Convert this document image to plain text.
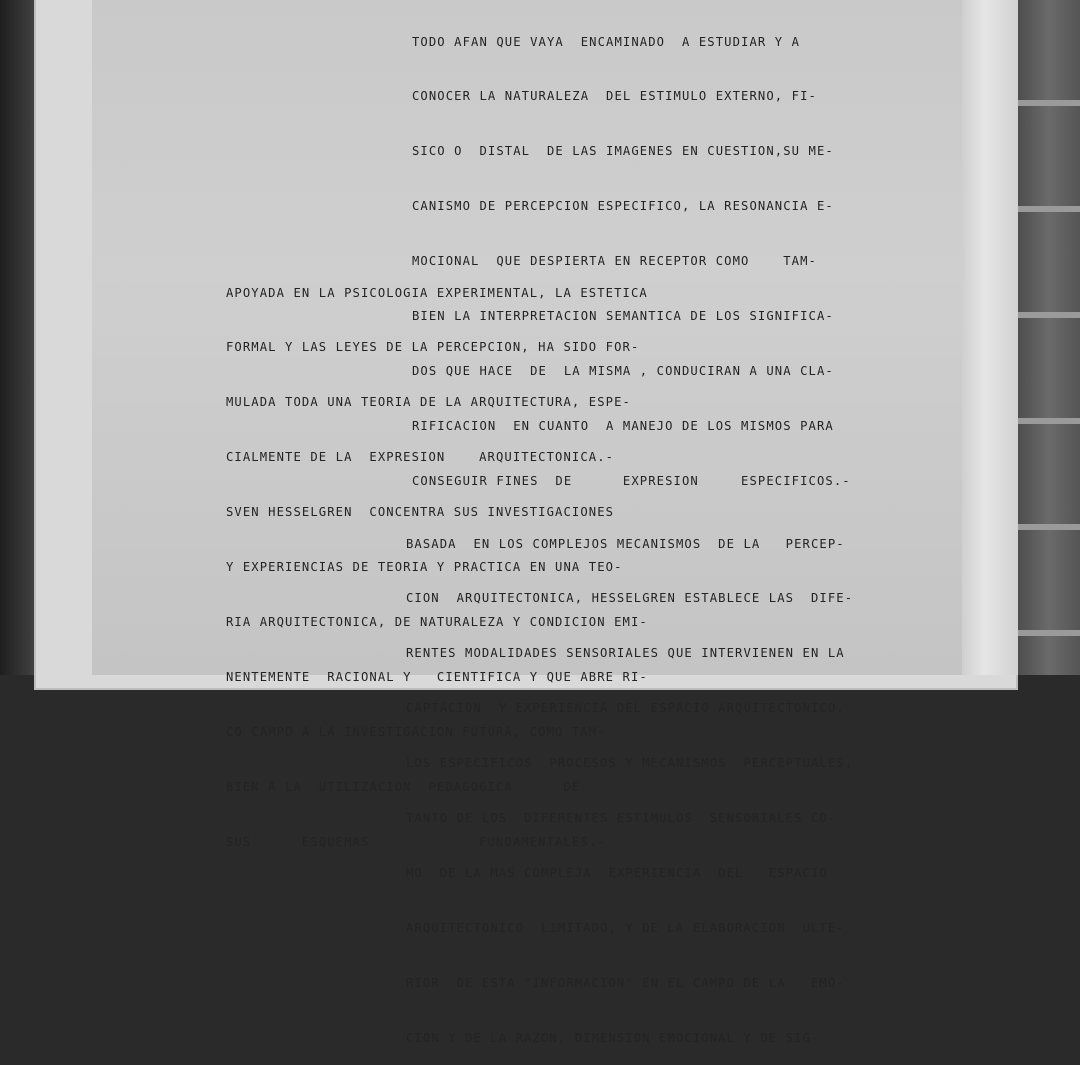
TODO AFAN QUE VAYA  ENCAMINADO  A ESTUDIAR Y A

CONOCER LA NATURALEZA  DEL ESTIMULO EXTERNO, FI-

SICO O  DISTAL  DE LAS IMAGENES EN CUESTION,SU ME-

CANISMO DE PERCEPCION ESPECIFICO, LA RESONANCIA E-

MOCIONAL  QUE DESPIERTA EN RECEPTOR COMO    TAM-

BIEN LA INTERPRETACION SEMANTICA DE LOS SIGNIFICA-

DOS QUE HACE  DE  LA MISMA , CONDUCIRAN A UNA CLA-

RIFICACION  EN CUANTO  A MANEJO DE LOS MISMOS PARA

CONSEGUIR FINES  DE      EXPRESION     ESPECIFICOS.-

APOYADA EN LA PSICOLOGIA EXPERIMENTAL, LA ESTETICA

FORMAL Y LAS LEYES DE LA PERCEPCION, HA SIDO FOR-

MULADA TODA UNA TEORIA DE LA ARQUITECTURA, ESPE-

CIALMENTE DE LA  EXPRESION    ARQUITECTONICA.-

SVEN HESSELGREN  CONCENTRA SUS INVESTIGACIONES

Y EXPERIENCIAS DE TEORIA Y PRACTICA EN UNA TEO-

RIA ARQUITECTONICA, DE NATURALEZA Y CONDICION EMI-

NENTEMENTE  RACIONAL Y   CIENTIFICA Y QUE ABRE RI-

CO CAMPO A LA INVESTIGACION FUTURA, COMO TAM-

BIEN A LA  UTILIZACION  PEDAGOGICA      DE

SUS      ESQUEMAS             FUNDAMENTALES.-

BASADA  EN LOS COMPLEJOS MECANISMOS  DE LA   PERCEP-

CION  ARQUITECTONICA, HESSELGREN ESTABLECE LAS  DIFE-

RENTES MODALIDADES SENSORIALES QUE INTERVIENEN EN LA

CAPTACION  Y EXPERIENCIA DEL ESPACIO ARQUITECTONICO.

LOS ESPECIFICOS  PROCESOS Y MECANISMOS  PERCEPTUALES,

TANTO DE LOS  DIFERENTES ESTIMULOS  SENSORIALES CO-

MO  DE LA MAS COMPLEJA  EXPERIENCIA  DEL   ESPACIO

ARQUITECTONICO  LIMITADO, Y DE LA ELABORACION  ULTE-

RIOR  DE ESTA "INFORMACION" EN EL CAMPO DE LA   EMO-

CION Y DE LA RAZON, DIMENSION EMOCIONAL Y DE SIG-
